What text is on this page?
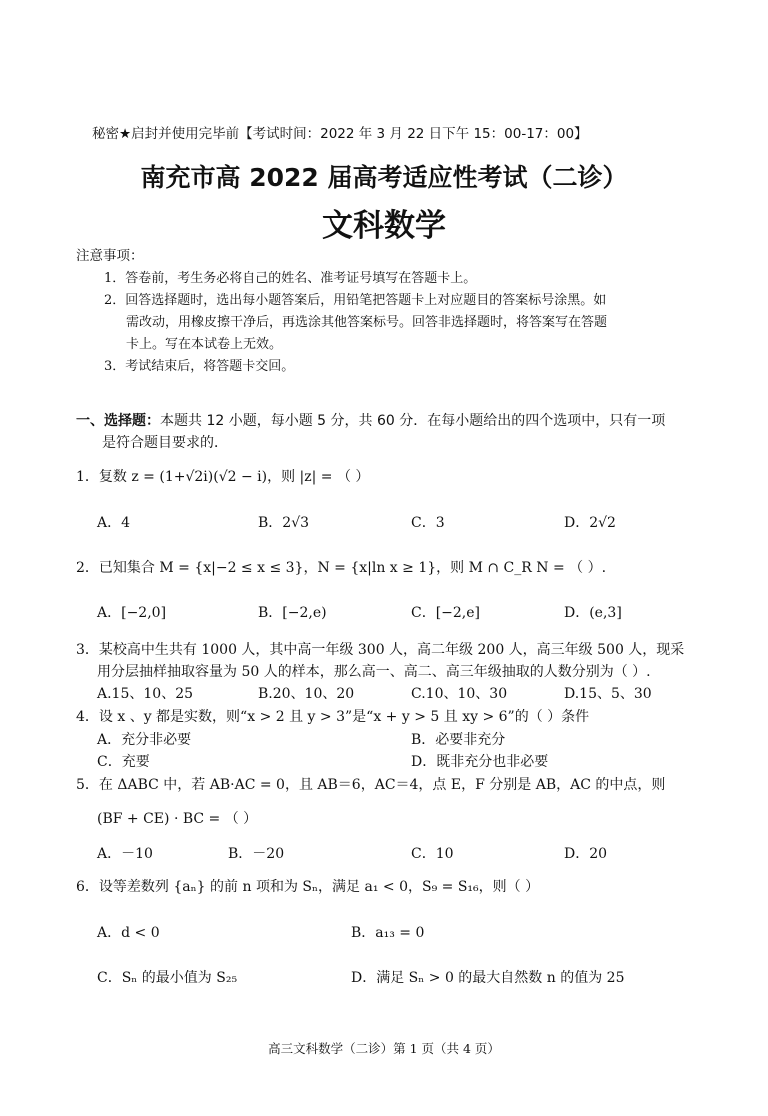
秘密★启封并使用完毕前【考试时间：2022 年 3 月 22 日下午 15：00-17：00】
南充市高 2022 届高考适应性考试（二诊）
文科数学
注意事项：
1．答卷前，考生务必将自己的姓名、准考证号填写在答题卡上。
2．回答选择题时，选出每小题答案后，用铅笔把答题卡上对应题目的答案标号涂黑。如
需改动，用橡皮擦干净后，再选涂其他答案标号。回答非选择题时，将答案写在答题
卡上。写在本试卷上无效。
3．考试结束后，将答题卡交回。
一、选择题：本题共 12 小题，每小题 5 分，共 60 分．在每小题给出的四个选项中，只有一项
是符合题目要求的．
1．复数 z = (1+√2i)(√2 − i)，则 |z| = （ ）
A．4	B．2√3	C．3	D．2√2
2．已知集合 M = {x|−2 ≤ x ≤ 3}，N = {x|ln x ≥ 1}，则 M ∩ C_R N = （ ）.
A．[−2,0]	B．[−2,e)	C．[−2,e]	D．(e,3]
3．某校高中生共有 1000 人，其中高一年级 300 人，高二年级 200 人，高三年级 500 人，现采
用分层抽样抽取容量为 50 人的样本，那么高一、高二、高三年级抽取的人数分别为（ ）.
A.15、10、25	B.20、10、20	C.10、10、30	D.15、5、30
4．设 x 、y 都是实数，则“x > 2 且 y > 3”是“x + y > 5 且 xy > 6”的（ ）条件
A．充分非必要	B．必要非充分
C．充要	D．既非充分也非必要
5．在 ΔABC 中，若 AB·AC = 0，且 AB＝6，AC＝4，点 E，F 分别是 AB，AC 的中点，则
(BF + CE) · BC = （ ）
A．－10	B．－20	C．10	D．20
6．设等差数列 {aₙ} 的前 n 项和为 Sₙ，满足 a₁ < 0，S₉ = S₁₆，则（ ）
A．d < 0	B．a₁₃ = 0
C．Sₙ 的最小值为 S₂₅	D．满足 Sₙ > 0 的最大自然数 n 的值为 25
高三文科数学（二诊）第 1 页（共 4 页）
